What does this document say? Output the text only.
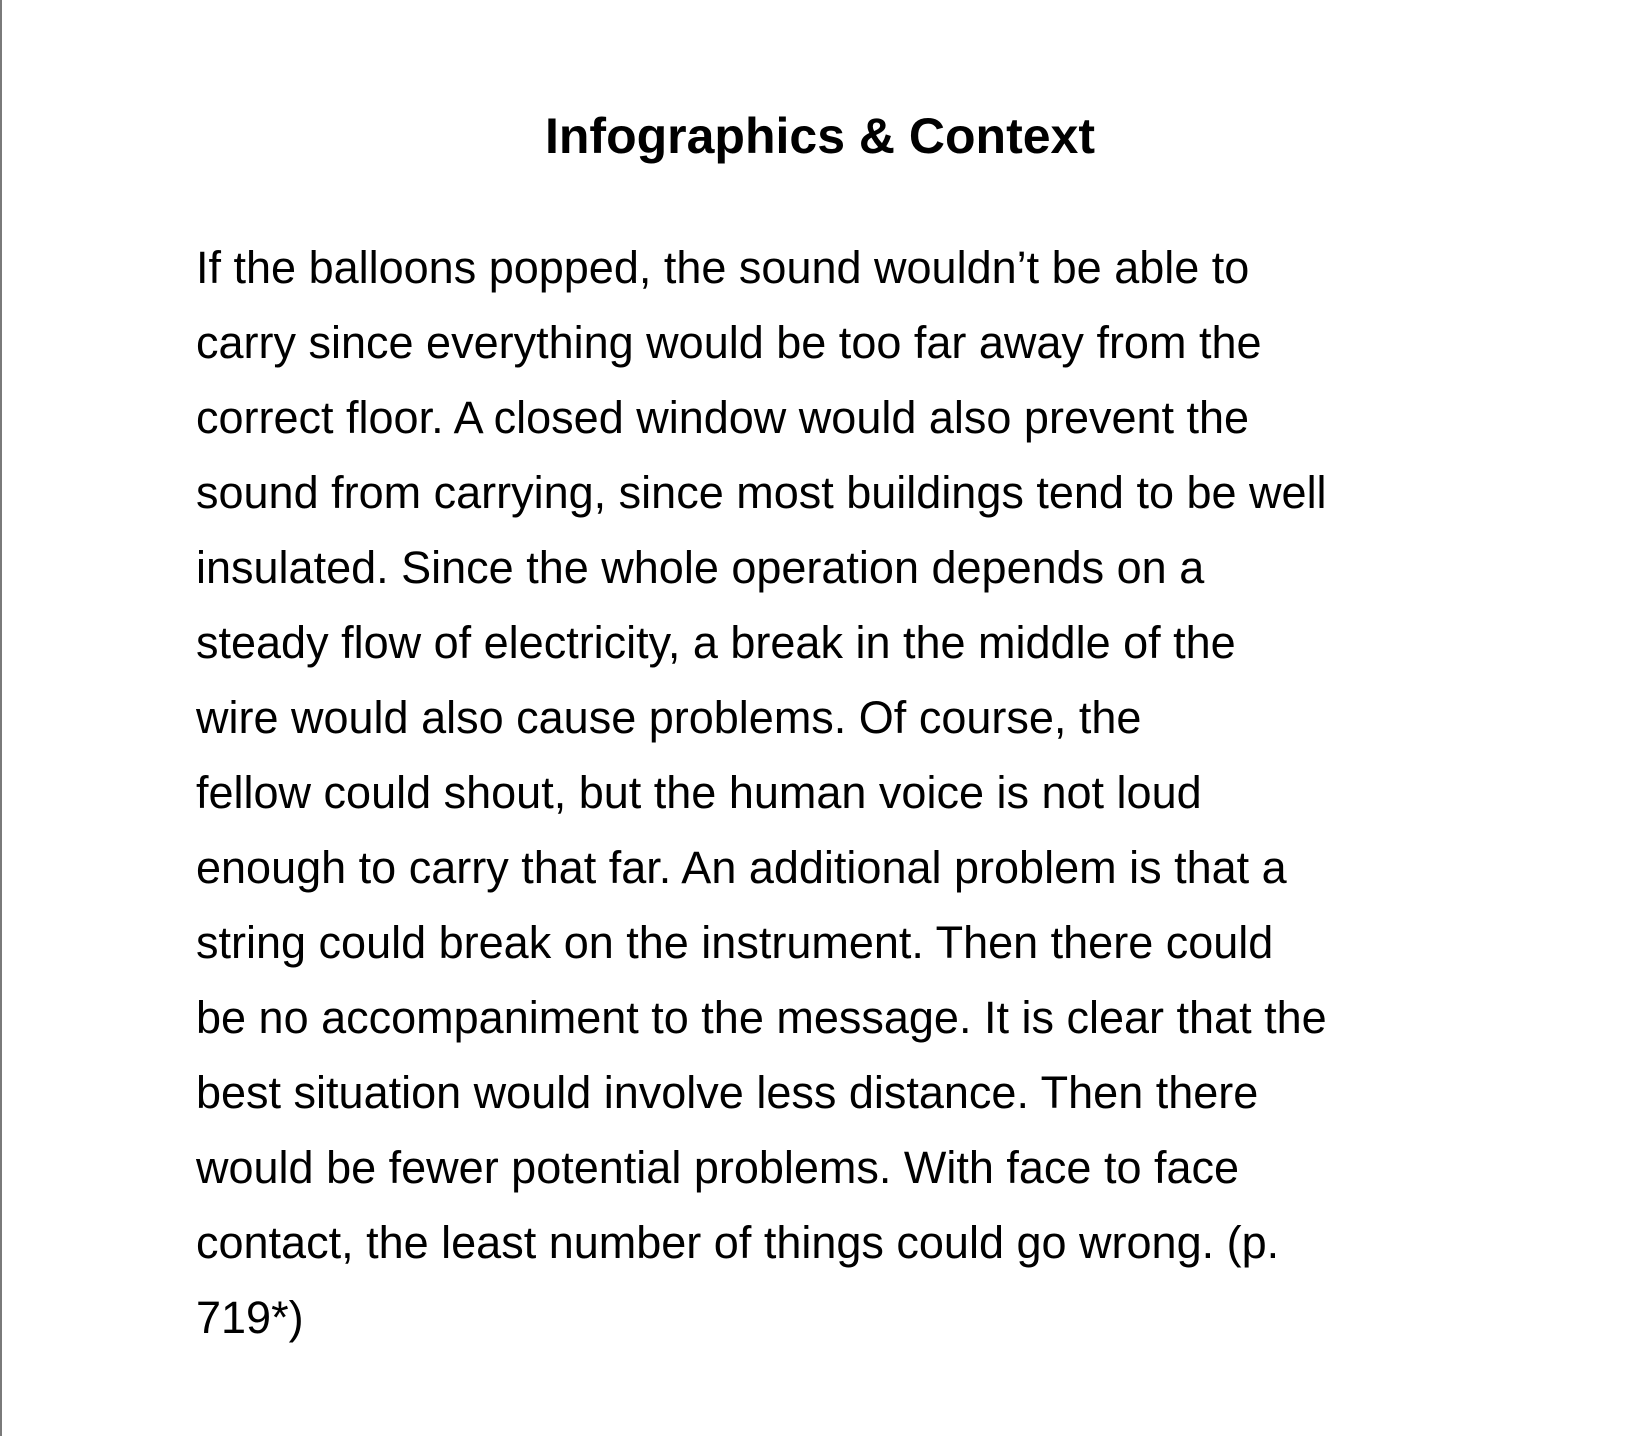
Infographics & Context

If the balloons popped, the sound wouldn’t be able to
carry since everything would be too far away from the
correct floor. A closed window would also prevent the
sound from carrying, since most buildings tend to be well
insulated. Since the whole operation depends on a
steady flow of electricity, a break in the middle of the
wire would also cause problems. Of course, the
fellow could shout, but the human voice is not loud
enough to carry that far. An additional problem is that a
string could break on the instrument. Then there could
be no accompaniment to the message. It is clear that the
best situation would involve less distance. Then there
would be fewer potential problems. With face to face
contact, the least number of things could go wrong. (p.
719*)
